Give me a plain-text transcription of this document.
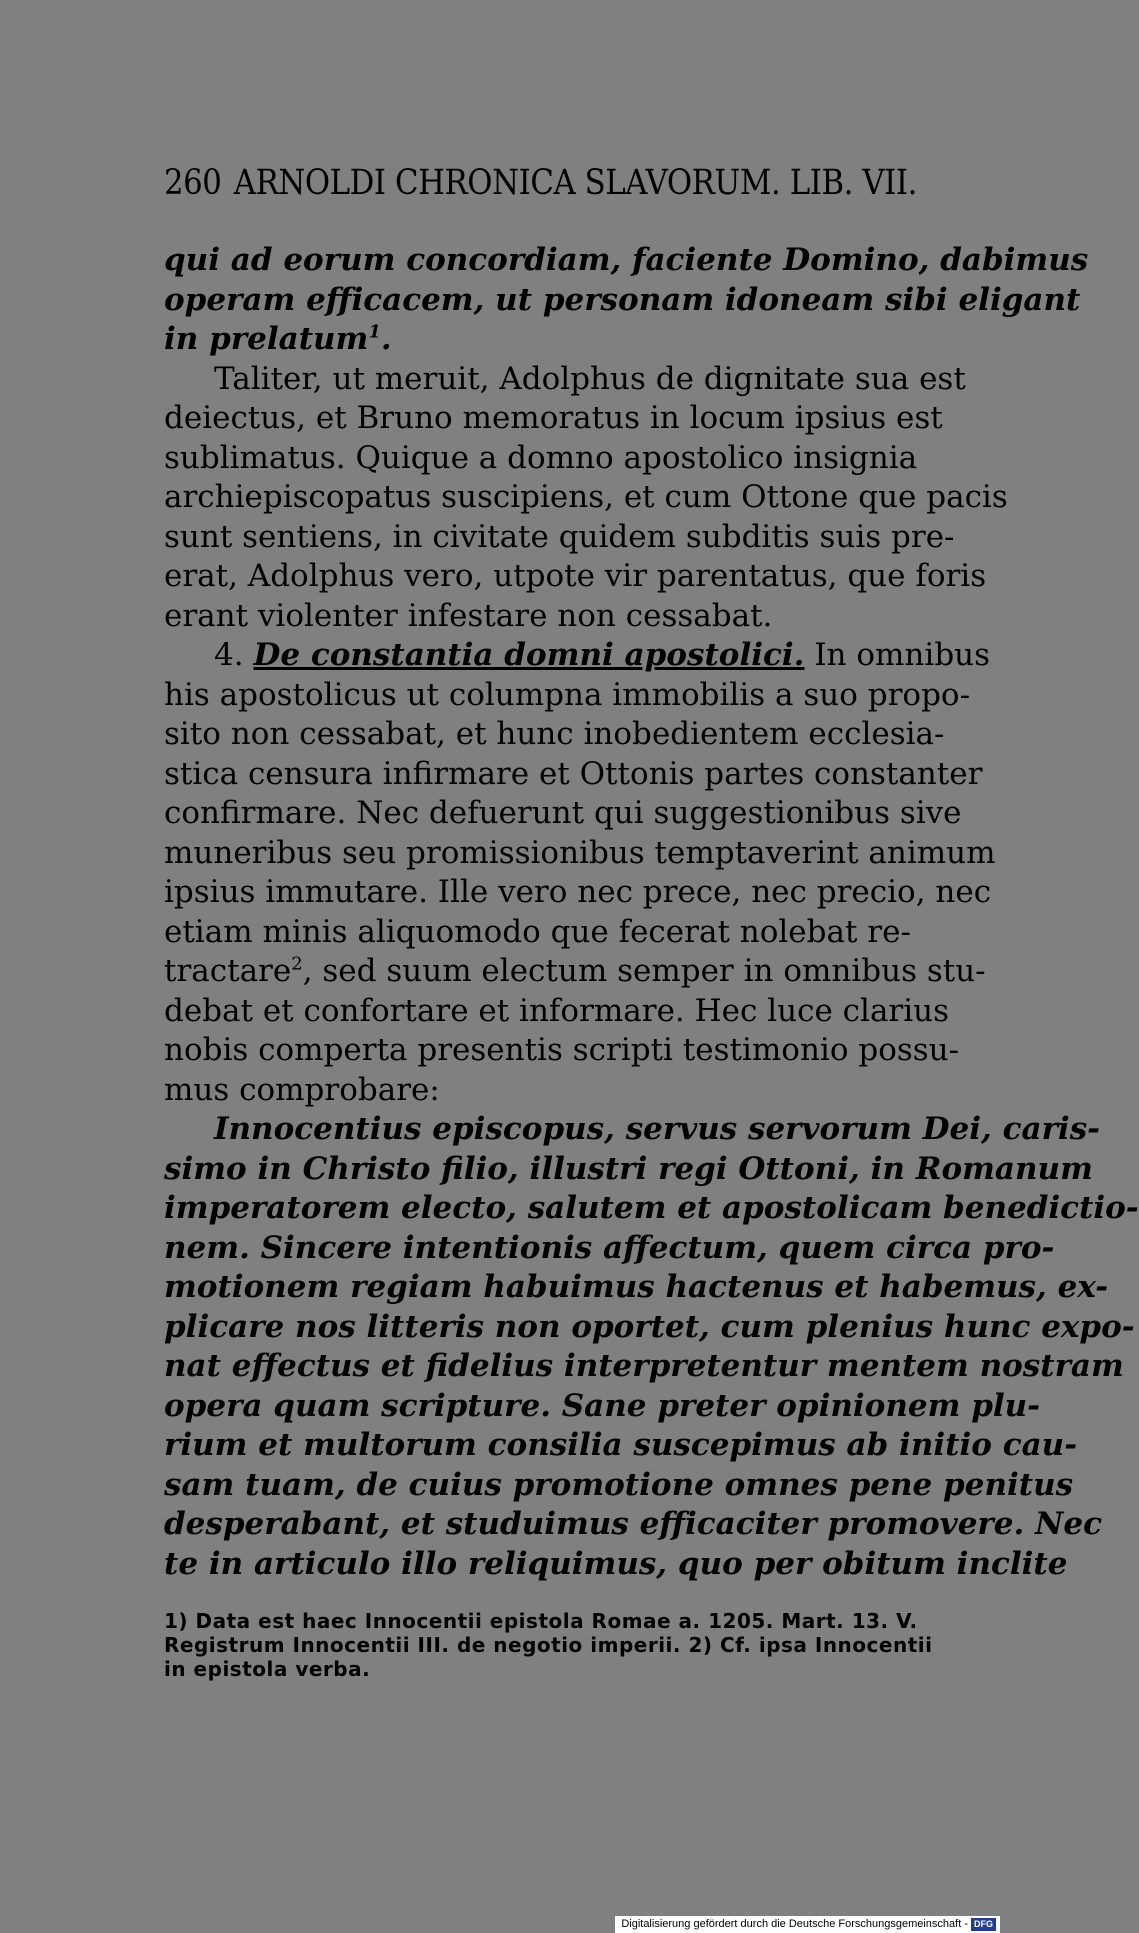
260 ARNOLDI CHRONICA SLAVORUM. LIB. VII.
qui ad eorum concordiam, faciente Domino, dabimus
operam efficacem, ut personam idoneam sibi eligant
in prelatum$^1$.
Taliter, ut meruit, Adolphus de dignitate sua est
deiectus, et Bruno memoratus in locum ipsius est
sublimatus. Quique a domno apostolico insignia
archiepiscopatus suscipiens, et cum Ottone que pacis
sunt sentiens, in civitate quidem subditis suis pre-
erat, Adolphus vero, utpote vir parentatus, que foris
erant violenter infestare non cessabat.
4. De constantia domni apostolici. In omnibus
his apostolicus ut columpna immobilis a suo propo-
sito non cessabat, et hunc inobedientem ecclesia-
stica censura infirmare et Ottonis partes constanter
confirmare. Nec defuerunt qui suggestionibus sive
muneribus seu promissionibus temptaverint animum
ipsius immutare. Ille vero nec prece, nec precio, nec
etiam minis aliquomodo que fecerat nolebat re-
tractare$^2$, sed suum electum semper in omnibus stu-
debat et confortare et informare. Hec luce clarius
nobis comperta presentis scripti testimonio possu-
mus comprobare:
Innocentius episcopus, servus servorum Dei, caris-
simo in Christo filio, illustri regi Ottoni, in Romanum
imperatorem electo, salutem et apostolicam benedictio-
nem. Sincere intentionis affectum, quem circa pro-
motionem regiam habuimus hactenus et habemus, ex-
plicare nos litteris non oportet, cum plenius hunc expo-
nat effectus et fidelius interpretentur mentem nostram
opera quam scripture. Sane preter opinionem plu-
rium et multorum consilia suscepimus ab initio cau-
sam tuam, de cuius promotione omnes pene penitus
desperabant, et studuimus efficaciter promovere. Nec
te in articulo illo reliquimus, quo per obitum inclite
1) Data est haec Innocentii epistola Romae a. 1205. Mart. 13. V.
Registrum Innocentii III. de negotio imperii. 2) Cf. ipsa Innocentii
in epistola verba.
Digitalisierung gefördert durch die Deutsche Forschungsgemeinschaft - DFG
